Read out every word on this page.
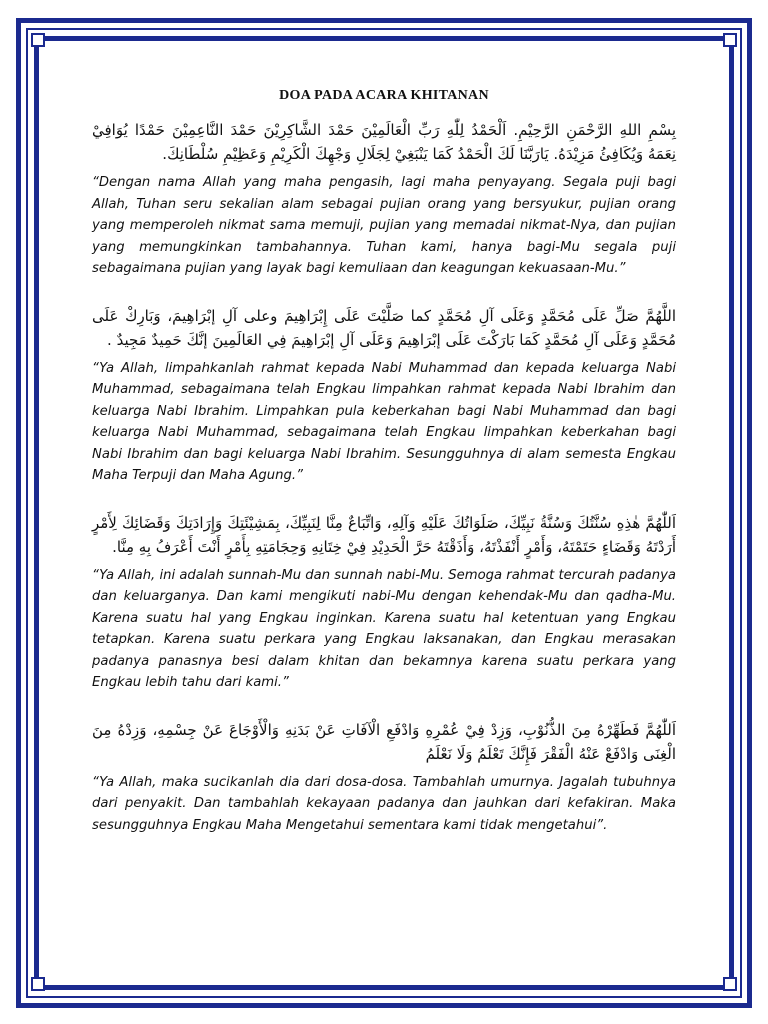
DOA PADA ACARA KHITANAN

بِسْمِ اللهِ الرَّحْمَنِ الرَّحِيْمِ. اَلْحَمْدُ لِلّٰهِ رَبِّ الْعَالَمِيْنَ حَمْدَ الشَّاكِرِيْنَ حَمْدَ النَّاعِمِيْنَ حَمْدًا يُوَافِيْ نِعَمَهُ وَيُكَافِئُ مَزِيْدَهُ. يَارَبَّنَا لَكَ الْحَمْدُ كَمَا يَنْبَغِيْ لِجَلَالِ وَجْهِكَ الْكَرِيْمِ وَعَظِيْمِ سُلْطَانِكَ.

“Dengan nama Allah yang maha pengasih, lagi maha penyayang. Segala puji bagi Allah, Tuhan seru sekalian alam sebagai pujian orang yang bersyukur, pujian orang yang memperoleh nikmat sama memuji, pujian yang memadai nikmat-Nya, dan pujian yang memungkinkan tambahannya. Tuhan kami, hanya bagi-Mu segala puji sebagaimana pujian yang layak bagi kemuliaan dan keagungan kekuasaan-Mu.”

اللَّهُمَّ صَلِّ عَلَى مُحَمَّدٍ وَعَلَى آلِ مُحَمَّدٍ كما صَلَّيْتَ عَلَى إِبْرَاهِيمَ وعلى آلِ إبْرَاهِيمَ، وَبَارِكْ عَلَى مُحَمَّدٍ وَعَلَى آلِ مُحَمَّدٍ كَمَا بَارَكْتَ عَلَى إبْرَاهِيمَ وَعَلَى آلِ إبْرَاهِيمَ فِي العَالَمِينَ إنَّكَ حَمِيدٌ مَجِيدٌ .

“Ya Allah, limpahkanlah rahmat kepada Nabi Muhammad dan kepada keluarga Nabi Muhammad, sebagaimana telah Engkau limpahkan rahmat kepada Nabi Ibrahim dan keluarga Nabi Ibrahim. Limpahkan pula keberkahan bagi Nabi Muhammad dan bagi keluarga Nabi Muhammad, sebagaimana telah Engkau limpahkan keberkahan bagi Nabi Ibrahim dan bagi keluarga Nabi Ibrahim. Sesungguhnya di alam semesta Engkau Maha Terpuji dan Maha Agung.”

اَللّٰهُمَّ هٰذِهِ سُنَّتُكَ وَسُنَّةُ نَبِيِّكَ، صَلَوَاتُكَ عَلَيْهِ وَآلِهِ، وَاتِّبَاعٌ مِنَّا لِنَبِيِّكَ، بِمَشِيْئَتِكَ وَإِرَادَتِكَ وَقَضَائِكَ لِأَمْرٍ أَرَدْتَهُ وَقَضَاءٍ حَتَمْتَهُ، وَأَمْرٍ أَنْفَذْتَهُ، وَأَذَقْتَهُ حَرَّ الْحَدِيْدِ فِيْ خِتَانِهِ وَحِجَامَتِهِ بِأَمْرٍ أَنْتَ أَعْرَفُ بِهِ مِنَّا.

“Ya Allah, ini adalah sunnah-Mu dan sunnah nabi-Mu. Semoga rahmat tercurah padanya dan keluarganya. Dan kami mengikuti nabi-Mu dengan kehendak-Mu dan qadha-Mu. Karena suatu hal yang Engkau inginkan. Karena suatu hal ketentuan yang Engkau tetapkan. Karena suatu perkara yang Engkau laksanakan, dan Engkau merasakan padanya panasnya besi dalam khitan dan bekamnya karena suatu perkara yang Engkau lebih tahu dari kami.”

اَللّٰهُمَّ فَطَهِّرْهُ مِنَ الذُّنُوْبِ، وَزِدْ فِيْ عُمْرِهِ وَادْفَعِ الْآفَاتِ عَنْ بَدَنِهِ وَالْأَوْجَاعَ عَنْ جِسْمِهِ، وَزِدْهُ مِنَ الْغِنَى وَادْفَعْ عَنْهُ الْفَقْرَ فَإِنَّكَ تَعْلَمُ وَلَا نَعْلَمُ

“Ya Allah, maka sucikanlah dia dari dosa-dosa. Tambahlah umurnya. Jagalah tubuhnya dari penyakit. Dan tambahlah kekayaan padanya dan jauhkan dari kefakiran. Maka sesungguhnya Engkau Maha Mengetahui sementara kami tidak mengetahui”.
